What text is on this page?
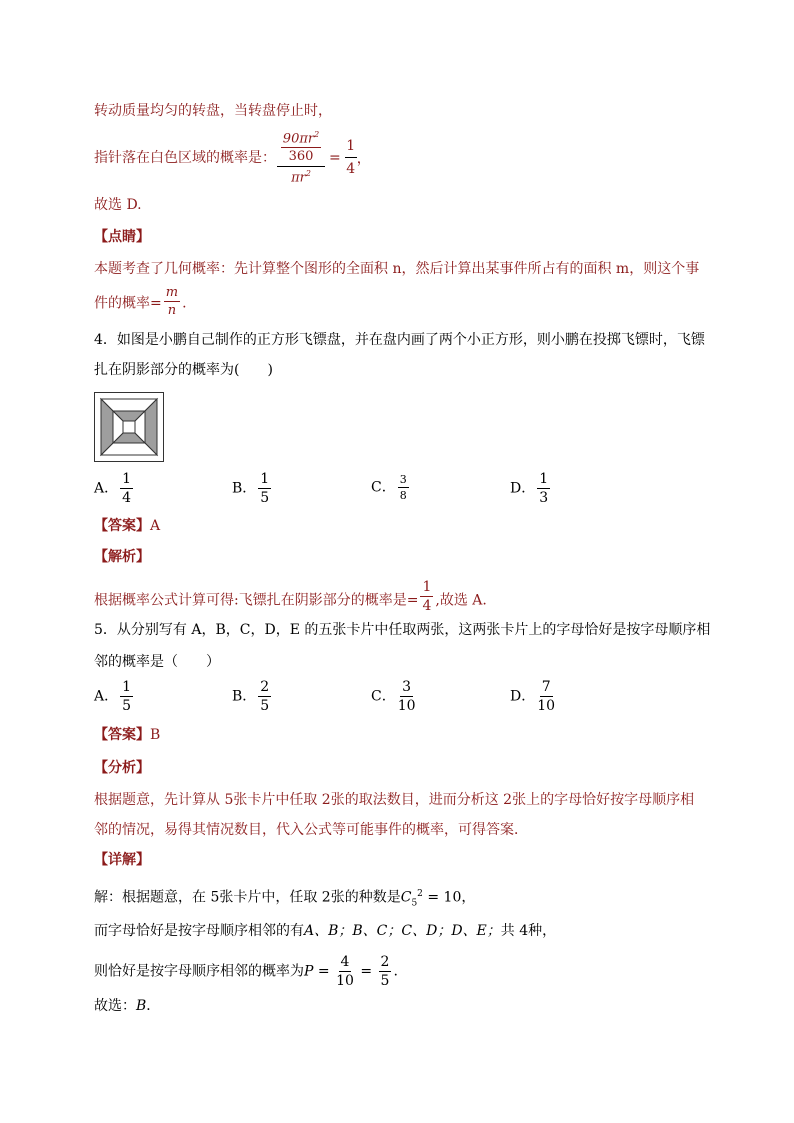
转动质量均匀的转盘，当转盘停止时，
指针落在白色区域的概率是：
$90\pi r^2$
360
$\pi r^2$
=
1
4
，
故选 D.
【点睛】
本题考查了几何概率：先计算整个图形的全面积 n，然后计算出某事件所占有的面积 m，则这个事
件的概率= $\frac{m}{n}$ .
4．如图是小鹏自己制作的正方形飞镖盘，并在盘内画了两个小正方形，则小鹏在投掷飞镖时，飞镖
扎在阴影部分的概率为(　　)
A． $\frac{1}{4}$	B． $\frac{1}{5}$	C． $\frac{3}{8}$	D． $\frac{1}{3}$
【答案】A
【解析】
根据概率公式计算可得:飞镖扎在阴影部分的概率是= $\frac{1}{4}$ ,故选 A.
5．从分别写有 A，B，C，D，E 的五张卡片中任取两张，这两张卡片上的字母恰好是按字母顺序相
邻的概率是（　　）
A． $\frac{1}{5}$	B． $\frac{2}{5}$	C． $\frac{3}{10}$	D． $\frac{7}{10}$
【答案】B
【分析】
根据题意，先计算从 5张卡片中任取 2张的取法数目，进而分析这 2张上的字母恰好按字母顺序相
邻的情况，易得其情况数目，代入公式等可能事件的概率，可得答案．
【详解】
解：根据题意，在 5张卡片中，任取 2张的种数是$C_5^2 = 10$，
而字母恰好是按字母顺序相邻的有A、B；B、C；C、D；D、E；共 4种，
则恰好是按字母顺序相邻的概率为$P = \frac{4}{10} = \frac{2}{5}$ .
故选：B．
